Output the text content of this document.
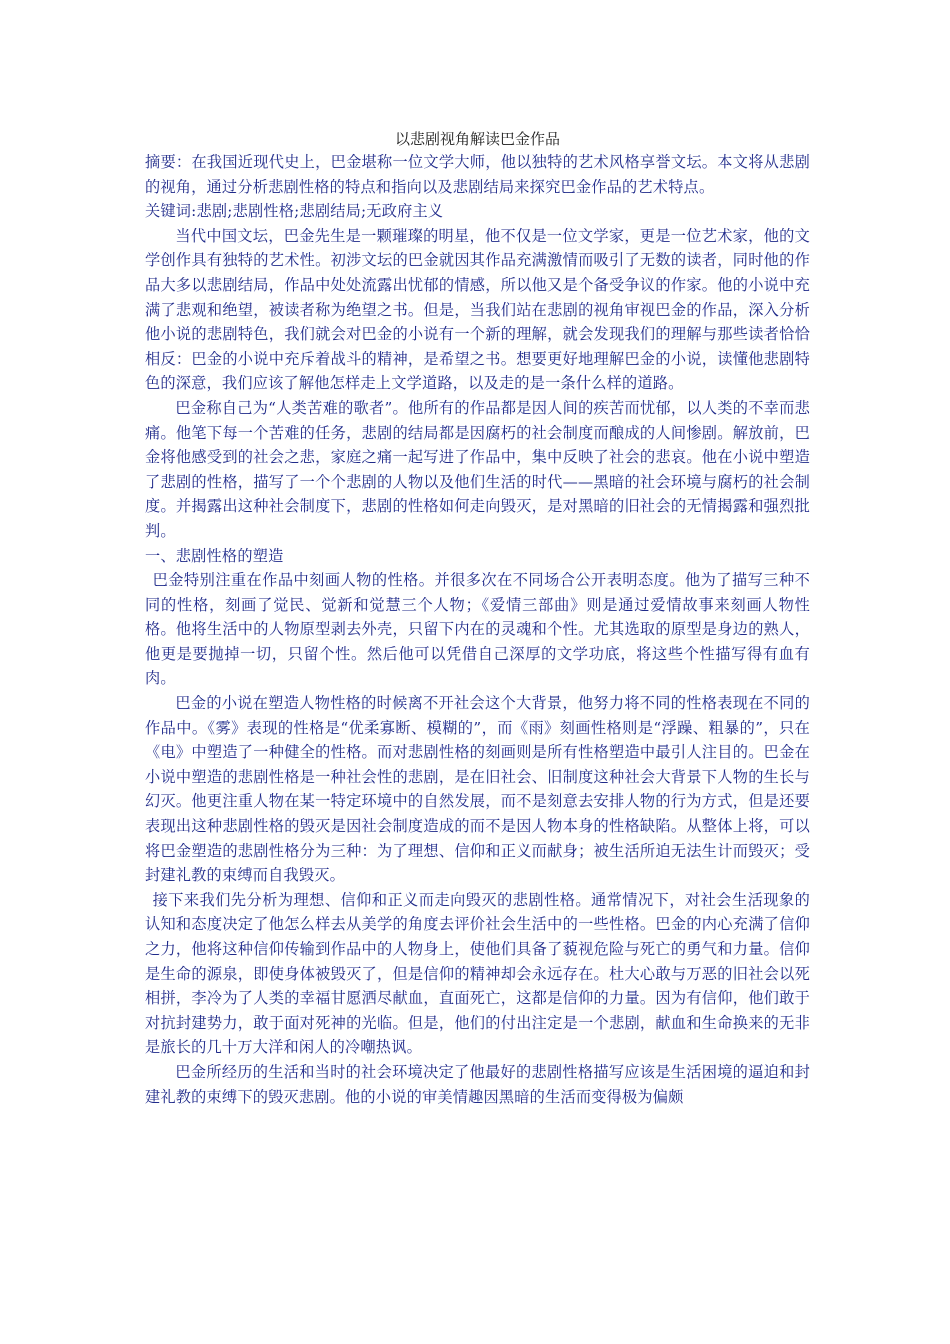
以悲剧视角解读巴金作品

摘要：在我国近现代史上，巴金堪称一位文学大师，他以独特的艺术风格享誉文坛。本文将从悲剧的视角，通过分析悲剧性格的特点和指向以及悲剧结局来探究巴金作品的艺术特点。

关键词:悲剧;悲剧性格;悲剧结局;无政府主义

当代中国文坛，巴金先生是一颗璀璨的明星，他不仅是一位文学家，更是一位艺术家，他的文学创作具有独特的艺术性。初涉文坛的巴金就因其作品充满激情而吸引了无数的读者，同时他的作品大多以悲剧结局，作品中处处流露出忧郁的情感，所以他又是个备受争议的作家。他的小说中充满了悲观和绝望，被读者称为绝望之书。但是，当我们站在悲剧的视角审视巴金的作品，深入分析他小说的悲剧特色，我们就会对巴金的小说有一个新的理解，就会发现我们的理解与那些读者恰恰相反：巴金的小说中充斥着战斗的精神，是希望之书。想要更好地理解巴金的小说，读懂他悲剧特色的深意，我们应该了解他怎样走上文学道路，以及走的是一条什么样的道路。

巴金称自己为“人类苦难的歌者”。他所有的作品都是因人间的疾苦而忧郁，以人类的不幸而悲痛。他笔下每一个苦难的任务，悲剧的结局都是因腐朽的社会制度而酿成的人间惨剧。解放前，巴金将他感受到的社会之悲，家庭之痛一起写进了作品中，集中反映了社会的悲哀。他在小说中塑造了悲剧的性格，描写了一个个悲剧的人物以及他们生活的时代——黑暗的社会环境与腐朽的社会制度。并揭露出这种社会制度下，悲剧的性格如何走向毁灭，是对黑暗的旧社会的无情揭露和强烈批判。

一、悲剧性格的塑造

巴金特别注重在作品中刻画人物的性格。并很多次在不同场合公开表明态度。他为了描写三种不同的性格，刻画了觉民、觉新和觉慧三个人物；《爱情三部曲》则是通过爱情故事来刻画人物性格。他将生活中的人物原型剥去外壳，只留下内在的灵魂和个性。尤其选取的原型是身边的熟人，他更是要抛掉一切，只留个性。然后他可以凭借自己深厚的文学功底，将这些个性描写得有血有肉。

巴金的小说在塑造人物性格的时候离不开社会这个大背景，他努力将不同的性格表现在不同的作品中。《雾》表现的性格是“优柔寡断、模糊的”，而《雨》刻画性格则是“浮躁、粗暴的”，只在《电》中塑造了一种健全的性格。而对悲剧性格的刻画则是所有性格塑造中最引人注目的。巴金在小说中塑造的悲剧性格是一种社会性的悲剧，是在旧社会、旧制度这种社会大背景下人物的生长与幻灭。他更注重人物在某一特定环境中的自然发展，而不是刻意去安排人物的行为方式，但是还要表现出这种悲剧性格的毁灭是因社会制度造成的而不是因人物本身的性格缺陷。从整体上将，可以将巴金塑造的悲剧性格分为三种：为了理想、信仰和正义而献身；被生活所迫无法生计而毁灭；受封建礼教的束缚而自我毁灭。

接下来我们先分析为理想、信仰和正义而走向毁灭的悲剧性格。通常情况下，对社会生活现象的认知和态度决定了他怎么样去从美学的角度去评价社会生活中的一些性格。巴金的内心充满了信仰之力，他将这种信仰传输到作品中的人物身上，使他们具备了藐视危险与死亡的勇气和力量。信仰是生命的源泉，即使身体被毁灭了，但是信仰的精神却会永远存在。杜大心敢与万恶的旧社会以死相拼，李冷为了人类的幸福甘愿洒尽献血，直面死亡，这都是信仰的力量。因为有信仰，他们敢于对抗封建势力，敢于面对死神的光临。但是，他们的付出注定是一个悲剧，献血和生命换来的无非是旅长的几十万大洋和闲人的冷嘲热讽。

巴金所经历的生活和当时的社会环境决定了他最好的悲剧性格描写应该是生活困境的逼迫和封建礼教的束缚下的毁灭悲剧。他的小说的审美情趣因黑暗的生活而变得极为偏颇
